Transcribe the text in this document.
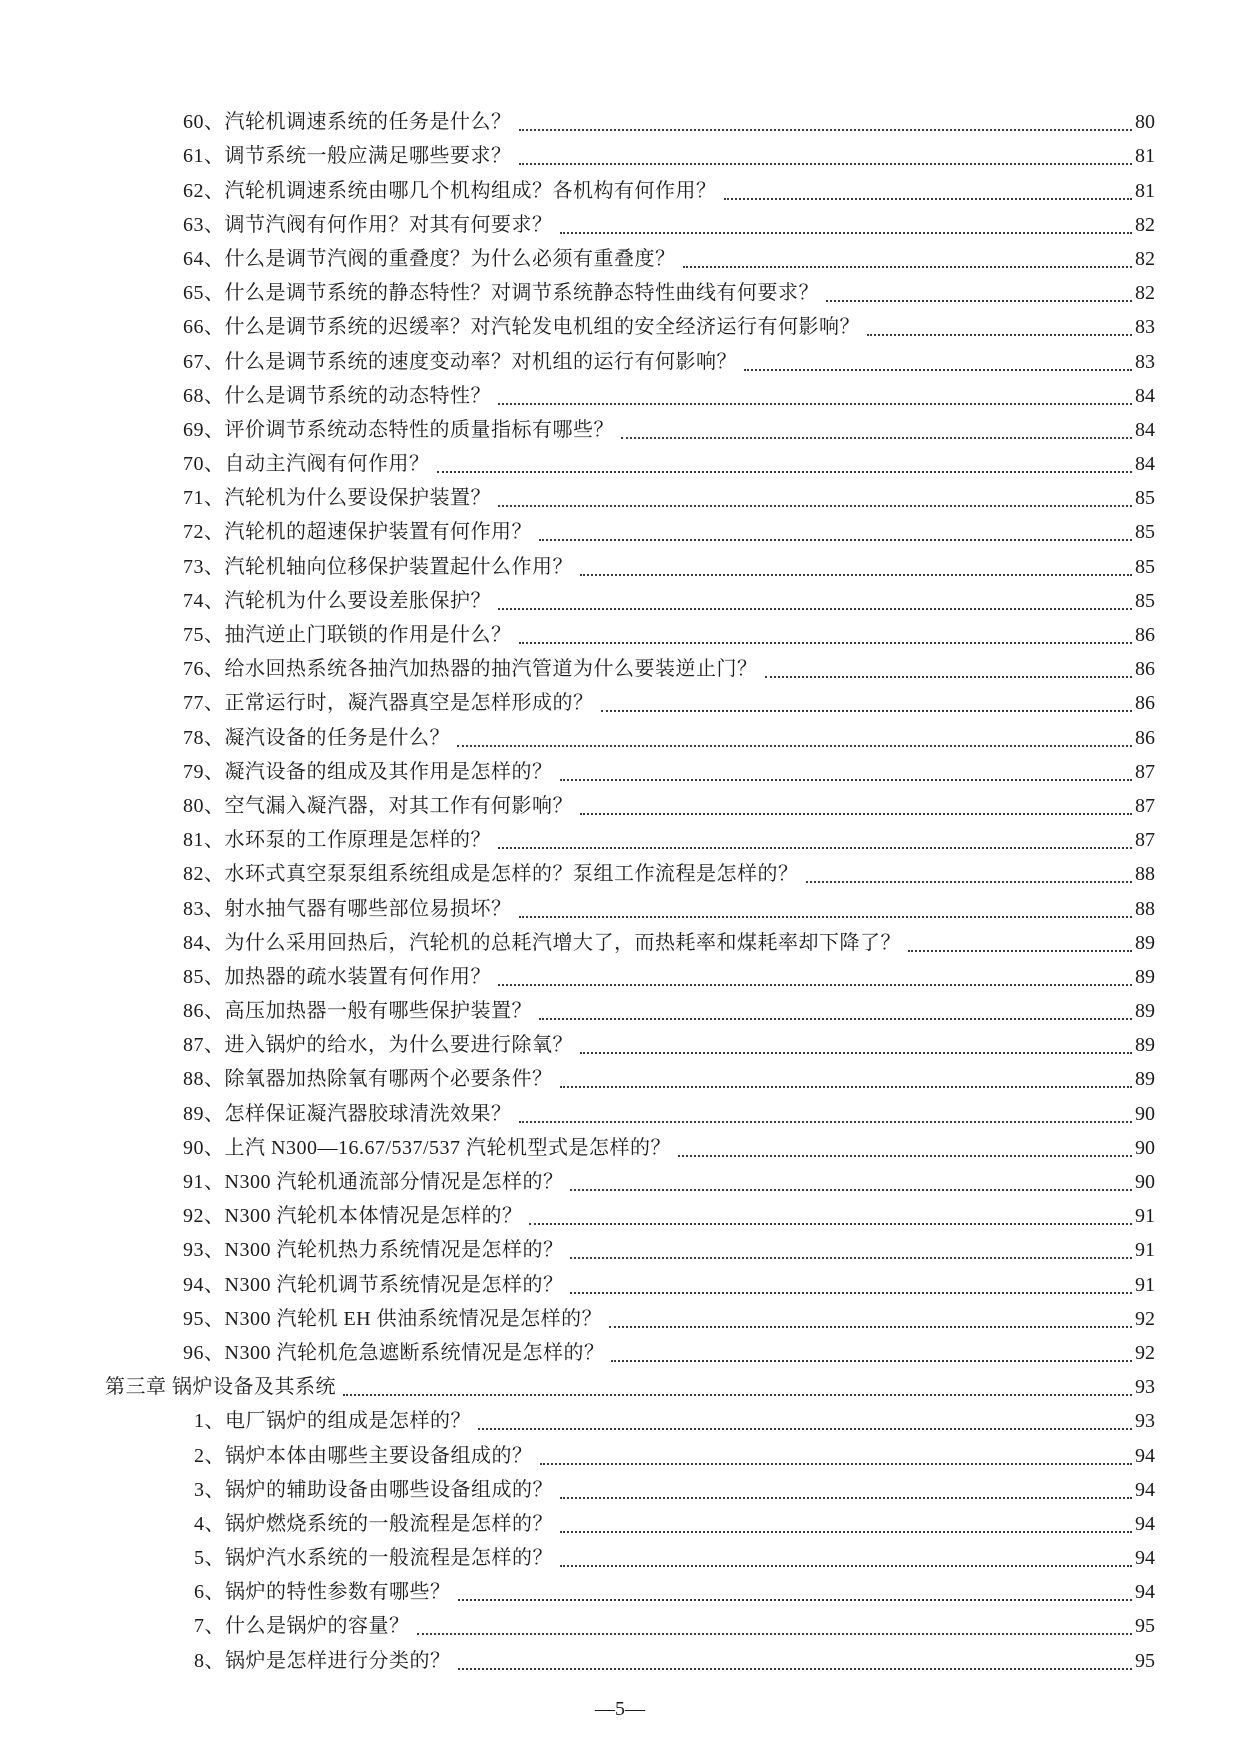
60、汽轮机调速系统的任务是什么？	80
61、调节系统一般应满足哪些要求？	81
62、汽轮机调速系统由哪几个机构组成？各机构有何作用？	81
63、调节汽阀有何作用？对其有何要求？	82
64、什么是调节汽阀的重叠度？为什么必须有重叠度？	82
65、什么是调节系统的静态特性？对调节系统静态特性曲线有何要求？	82
66、什么是调节系统的迟缓率？对汽轮发电机组的安全经济运行有何影响？	83
67、什么是调节系统的速度变动率？对机组的运行有何影响？	83
68、什么是调节系统的动态特性？	84
69、评价调节系统动态特性的质量指标有哪些？	84
70、自动主汽阀有何作用？	84
71、汽轮机为什么要设保护装置？	85
72、汽轮机的超速保护装置有何作用？	85
73、汽轮机轴向位移保护装置起什么作用？	85
74、汽轮机为什么要设差胀保护？	85
75、抽汽逆止门联锁的作用是什么？	86
76、给水回热系统各抽汽加热器的抽汽管道为什么要装逆止门？	86
77、正常运行时，凝汽器真空是怎样形成的？	86
78、凝汽设备的任务是什么？	86
79、凝汽设备的组成及其作用是怎样的？	87
80、空气漏入凝汽器，对其工作有何影响？	87
81、水环泵的工作原理是怎样的？	87
82、水环式真空泵泵组系统组成是怎样的？泵组工作流程是怎样的？	88
83、射水抽气器有哪些部位易损坏？	88
84、为什么采用回热后，汽轮机的总耗汽增大了，而热耗率和煤耗率却下降了？	89
85、加热器的疏水装置有何作用？	89
86、高压加热器一般有哪些保护装置？	89
87、进入锅炉的给水，为什么要进行除氧？	89
88、除氧器加热除氧有哪两个必要条件？	89
89、怎样保证凝汽器胶球清洗效果？	90
90、上汽 N300—16.67/537/537 汽轮机型式是怎样的？	90
91、N300 汽轮机通流部分情况是怎样的？	90
92、N300 汽轮机本体情况是怎样的？	91
93、N300 汽轮机热力系统情况是怎样的？	91
94、N300 汽轮机调节系统情况是怎样的？	91
95、N300 汽轮机 EH 供油系统情况是怎样的？	92
96、N300 汽轮机危急遮断系统情况是怎样的？	92
第三章 锅炉设备及其系统	93
1、电厂锅炉的组成是怎样的？	93
2、锅炉本体由哪些主要设备组成的？	94
3、锅炉的辅助设备由哪些设备组成的？	94
4、锅炉燃烧系统的一般流程是怎样的？	94
5、锅炉汽水系统的一般流程是怎样的？	94
6、锅炉的特性参数有哪些？	94
7、什么是锅炉的容量？	95
8、锅炉是怎样进行分类的？	95
—5—
